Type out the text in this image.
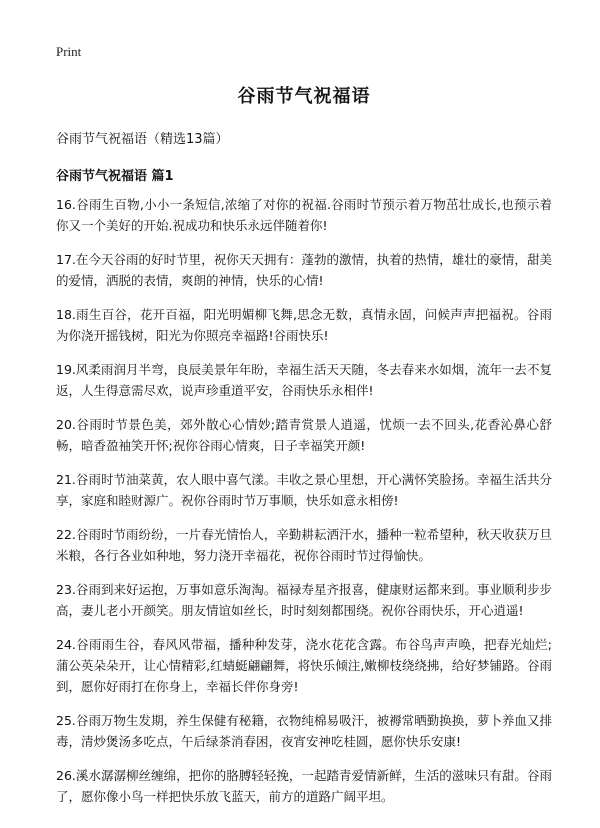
Print
谷雨节气祝福语
谷雨节气祝福语（精选13篇）
谷雨节气祝福语 篇1

16.谷雨生百物,小小一条短信,浓缩了对你的祝福.谷雨时节预示着万物茁壮成长,也预示着你又一个美好的开始.祝成功和快乐永远伴随着你!

17.在今天谷雨的好时节里，祝你天天拥有：蓬勃的激情，执着的热情，雄壮的豪情，甜美的爱情，洒脱的表情，爽朗的神情，快乐的心情!

18.雨生百谷，花开百福，阳光明媚柳飞舞,思念无数，真情永固，问候声声把福祝。谷雨为你浇开摇钱树，阳光为你照亮幸福路!谷雨快乐!

19.风柔雨润月半弯，良辰美景年年盼，幸福生活天天随，冬去春来水如烟，流年一去不复返，人生得意需尽欢，说声珍重道平安，谷雨快乐永相伴!

20.谷雨时节景色美，郊外散心心情妙;踏青赏景人逍遥，忧烦一去不回头,花香沁鼻心舒畅，暗香盈袖笑开怀;祝你谷雨心情爽，日子幸福笑开颜!

21.谷雨时节油菜黄，农人眼中喜气漾。丰收之景心里想，开心满怀笑脸扬。幸福生活共分享，家庭和睦财源广。祝你谷雨时节万事顺，快乐如意永相傍!

22.谷雨时节雨纷纷，一片春光情怡人，辛勤耕耘洒汗水，播种一粒希望种，秋天收获万旦米粮，各行各业如种地，努力浇开幸福花，祝你谷雨时节过得愉快。

23.谷雨到来好运抱，万事如意乐淘淘。福禄寿星齐报喜，健康财运都来到。事业顺利步步高，妻儿老小开颜笑。朋友情谊如丝长，时时刻刻都围绕。祝你谷雨快乐，开心逍遥!

24.谷雨雨生谷，春风风带福，播种种发芽，浇水花花含露。布谷鸟声声唤，把春光灿烂;蒲公英朵朵开，让心情精彩,红蜻蜓翩翩舞，将快乐倾注,嫩柳枝绕绕拂，给好梦铺路。谷雨到，愿你好雨打在你身上，幸福长伴你身旁!

25.谷雨万物生发期，养生保健有秘籍，衣物纯棉易吸汗，被褥常晒勤换换，萝卜养血又排毒，清炒煲汤多吃点，午后绿茶消春困，夜宵安神吃桂圆，愿你快乐安康!

26.溪水潺潺柳丝缠绵，把你的胳膊轻轻挽，一起踏青爱情新鲜，生活的滋味只有甜。谷雨了，愿你像小鸟一样把快乐放飞蓝天，前方的道路广阔平坦。
